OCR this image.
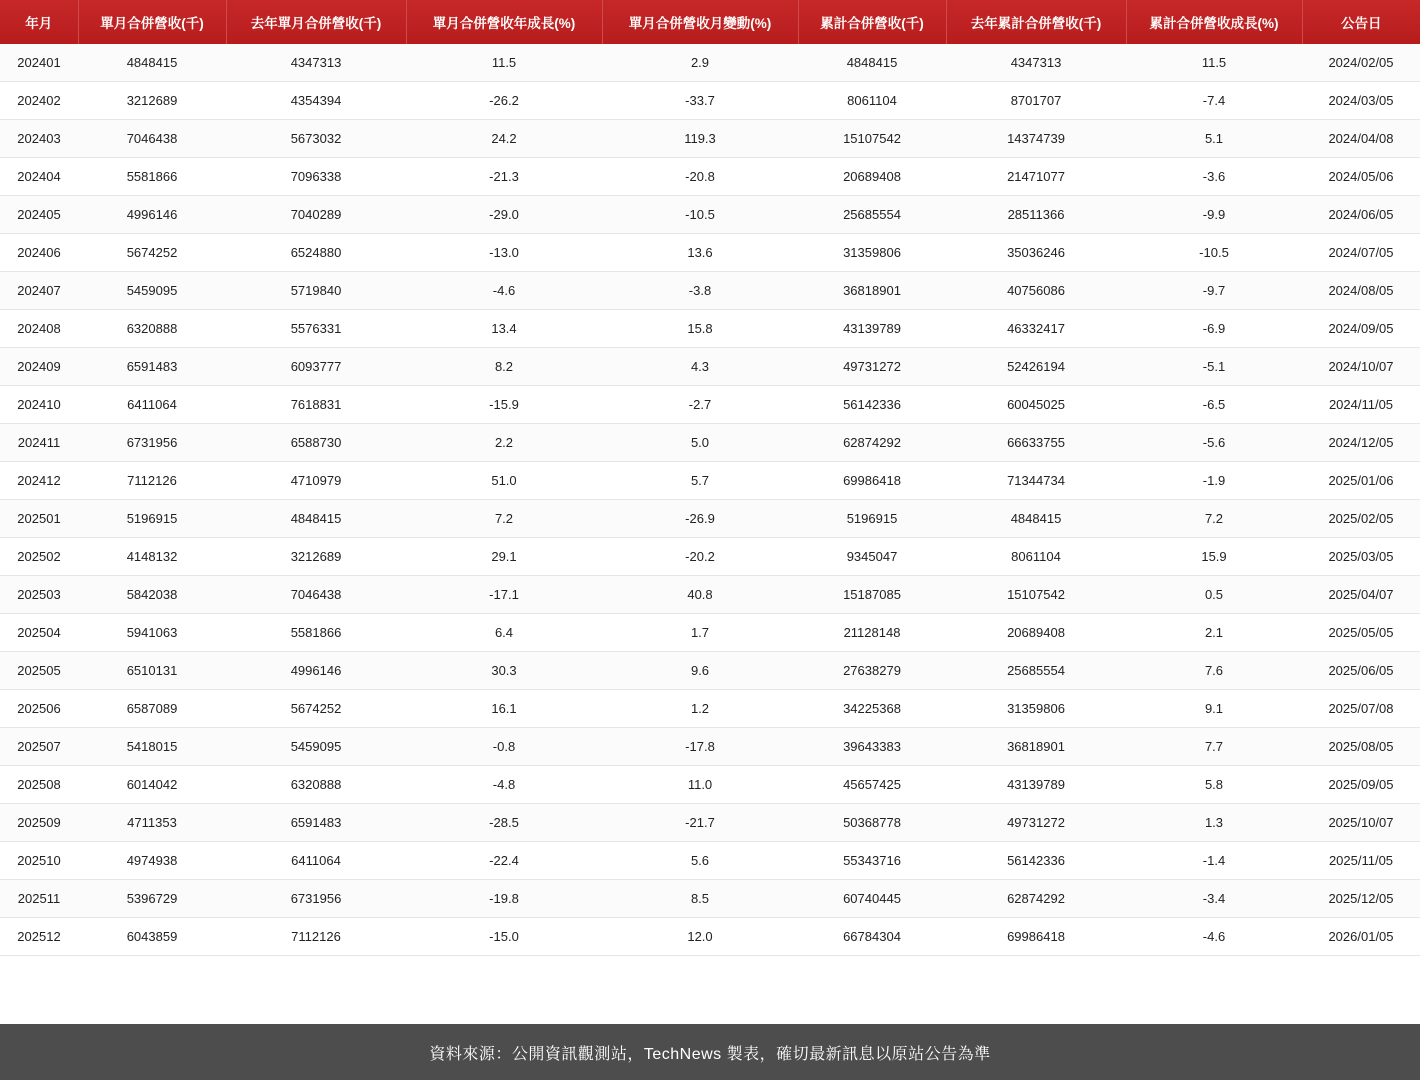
年月	單月合併營收(千)	去年單月合併營收(千)	單月合併營收年成長(%)	單月合併營收月變動(%)	累計合併營收(千)	去年累計合併營收(千)	累計合併營收成長(%)	公告日
202401	4848415	4347313	11.5	2.9	4848415	4347313	11.5	2024/02/05
202402	3212689	4354394	-26.2	-33.7	8061104	8701707	-7.4	2024/03/05
202403	7046438	5673032	24.2	119.3	15107542	14374739	5.1	2024/04/08
202404	5581866	7096338	-21.3	-20.8	20689408	21471077	-3.6	2024/05/06
202405	4996146	7040289	-29.0	-10.5	25685554	28511366	-9.9	2024/06/05
202406	5674252	6524880	-13.0	13.6	31359806	35036246	-10.5	2024/07/05
202407	5459095	5719840	-4.6	-3.8	36818901	40756086	-9.7	2024/08/05
202408	6320888	5576331	13.4	15.8	43139789	46332417	-6.9	2024/09/05
202409	6591483	6093777	8.2	4.3	49731272	52426194	-5.1	2024/10/07
202410	6411064	7618831	-15.9	-2.7	56142336	60045025	-6.5	2024/11/05
202411	6731956	6588730	2.2	5.0	62874292	66633755	-5.6	2024/12/05
202412	7112126	4710979	51.0	5.7	69986418	71344734	-1.9	2025/01/06
202501	5196915	4848415	7.2	-26.9	5196915	4848415	7.2	2025/02/05
202502	4148132	3212689	29.1	-20.2	9345047	8061104	15.9	2025/03/05
202503	5842038	7046438	-17.1	40.8	15187085	15107542	0.5	2025/04/07
202504	5941063	5581866	6.4	1.7	21128148	20689408	2.1	2025/05/05
202505	6510131	4996146	30.3	9.6	27638279	25685554	7.6	2025/06/05
202506	6587089	5674252	16.1	1.2	34225368	31359806	9.1	2025/07/08
202507	5418015	5459095	-0.8	-17.8	39643383	36818901	7.7	2025/08/05
202508	6014042	6320888	-4.8	11.0	45657425	43139789	5.8	2025/09/05
202509	4711353	6591483	-28.5	-21.7	50368778	49731272	1.3	2025/10/07
202510	4974938	6411064	-22.4	5.6	55343716	56142336	-1.4	2025/11/05
202511	5396729	6731956	-19.8	8.5	60740445	62874292	-3.4	2025/12/05
202512	6043859	7112126	-15.0	12.0	66784304	69986418	-4.6	2026/01/05
資料來源：公開資訊觀測站，TechNews 製表，確切最新訊息以原站公告為準
